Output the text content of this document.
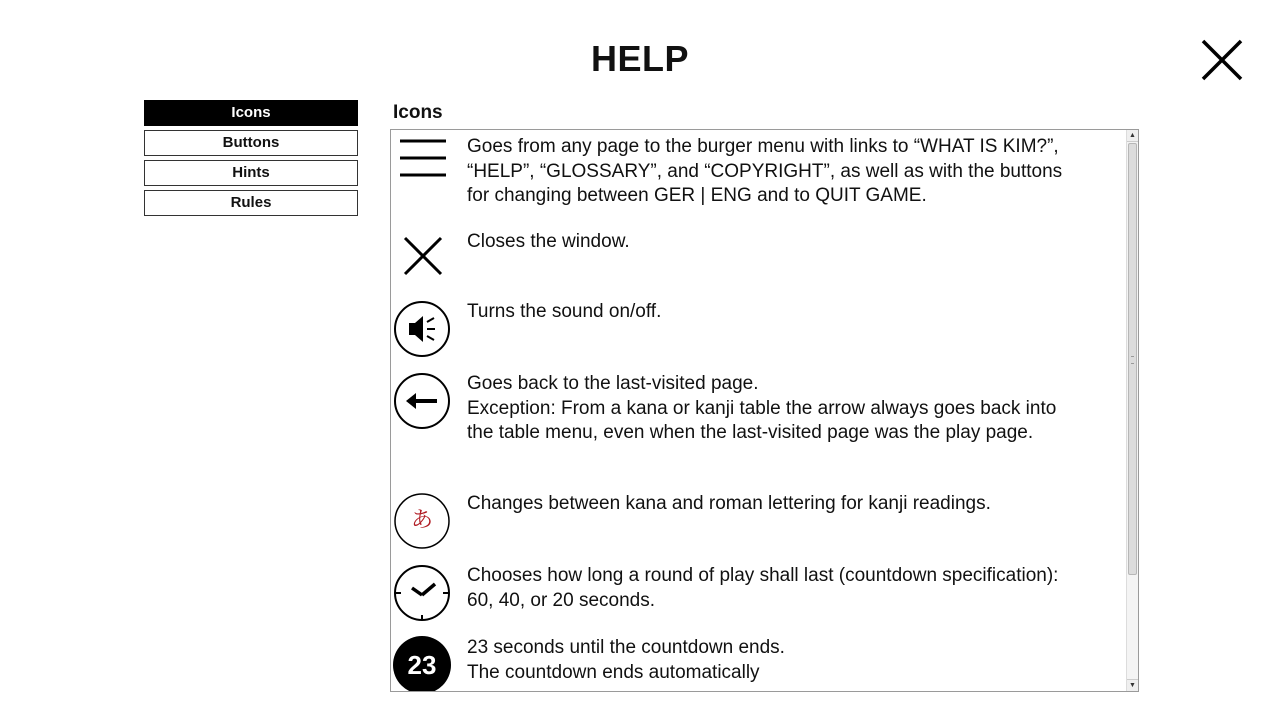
HELP
Icons
Buttons
Hints
Rules
Icons
Goes from any page to the burger menu with links to “WHAT IS KIM?”,
“HELP”, “GLOSSARY”, and “COPYRIGHT”, as well as with the buttons
for changing between GER | ENG and to QUIT GAME.
Closes the window.
Turns the sound on/off.
Goes back to the last-visited page.
Exception: From a kana or kanji table the arrow always goes back into
the table menu, even when the last-visited page was the play page.
あ
Changes between kana and roman lettering for kanji readings.
Chooses how long a round of play shall last (countdown specification):
60, 40, or 20 seconds.
23
23 seconds until the countdown ends.
The countdown ends automatically
▲
▼
